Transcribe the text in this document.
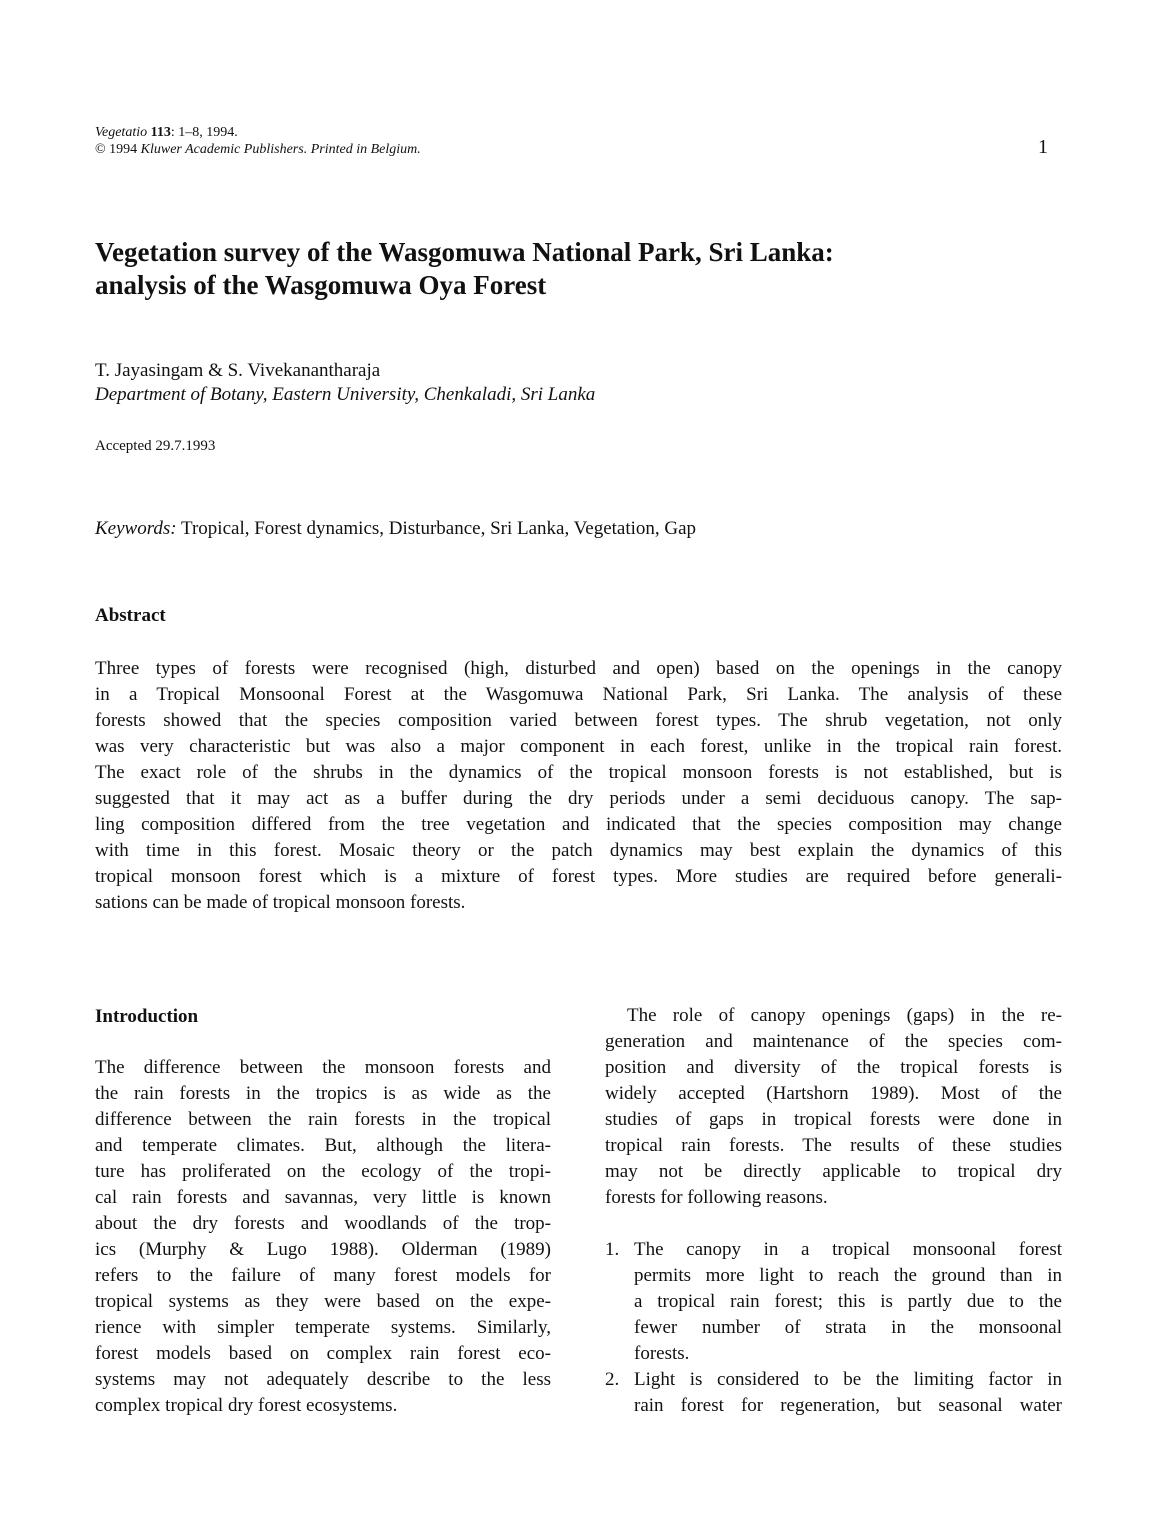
Vegetatio 113: 1–8, 1994.
© 1994 Kluwer Academic Publishers. Printed in Belgium.	1
Vegetation survey of the Wasgomuwa National Park, Sri Lanka:
analysis of the Wasgomuwa Oya Forest
T. Jayasingam & S. Vivekanantharaja
Department of Botany, Eastern University, Chenkaladi, Sri Lanka
Accepted 29.7.1993
Keywords: Tropical, Forest dynamics, Disturbance, Sri Lanka, Vegetation, Gap
Abstract
Three types of forests were recognised (high, disturbed and open) based on the openings in the canopy
in a Tropical Monsoonal Forest at the Wasgomuwa National Park, Sri Lanka. The analysis of these
forests showed that the species composition varied between forest types. The shrub vegetation, not only
was very characteristic but was also a major component in each forest, unlike in the tropical rain forest.
The exact role of the shrubs in the dynamics of the tropical monsoon forests is not established, but is
suggested that it may act as a buffer during the dry periods under a semi deciduous canopy. The sap-
ling composition differed from the tree vegetation and indicated that the species composition may change
with time in this forest. Mosaic theory or the patch dynamics may best explain the dynamics of this
tropical monsoon forest which is a mixture of forest types. More studies are required before generali-
sations can be made of tropical monsoon forests.
Introduction
The difference between the monsoon forests and
the rain forests in the tropics is as wide as the
difference between the rain forests in the tropical
and temperate climates. But, although the litera-
ture has proliferated on the ecology of the tropi-
cal rain forests and savannas, very little is known
about the dry forests and woodlands of the trop-
ics (Murphy & Lugo 1988). Olderman (1989)
refers to the failure of many forest models for
tropical systems as they were based on the expe-
rience with simpler temperate systems. Similarly,
forest models based on complex rain forest eco-
systems may not adequately describe to the less
complex tropical dry forest ecosystems.
The role of canopy openings (gaps) in the re-
generation and maintenance of the species com-
position and diversity of the tropical forests is
widely accepted (Hartshorn 1989). Most of the
studies of gaps in tropical forests were done in
tropical rain forests. The results of these studies
may not be directly applicable to tropical dry
forests for following reasons.
1. The canopy in a tropical monsoonal forest
permits more light to reach the ground than in
a tropical rain forest; this is partly due to the
fewer number of strata in the monsoonal
forests.
2. Light is considered to be the limiting factor in
rain forest for regeneration, but seasonal water
